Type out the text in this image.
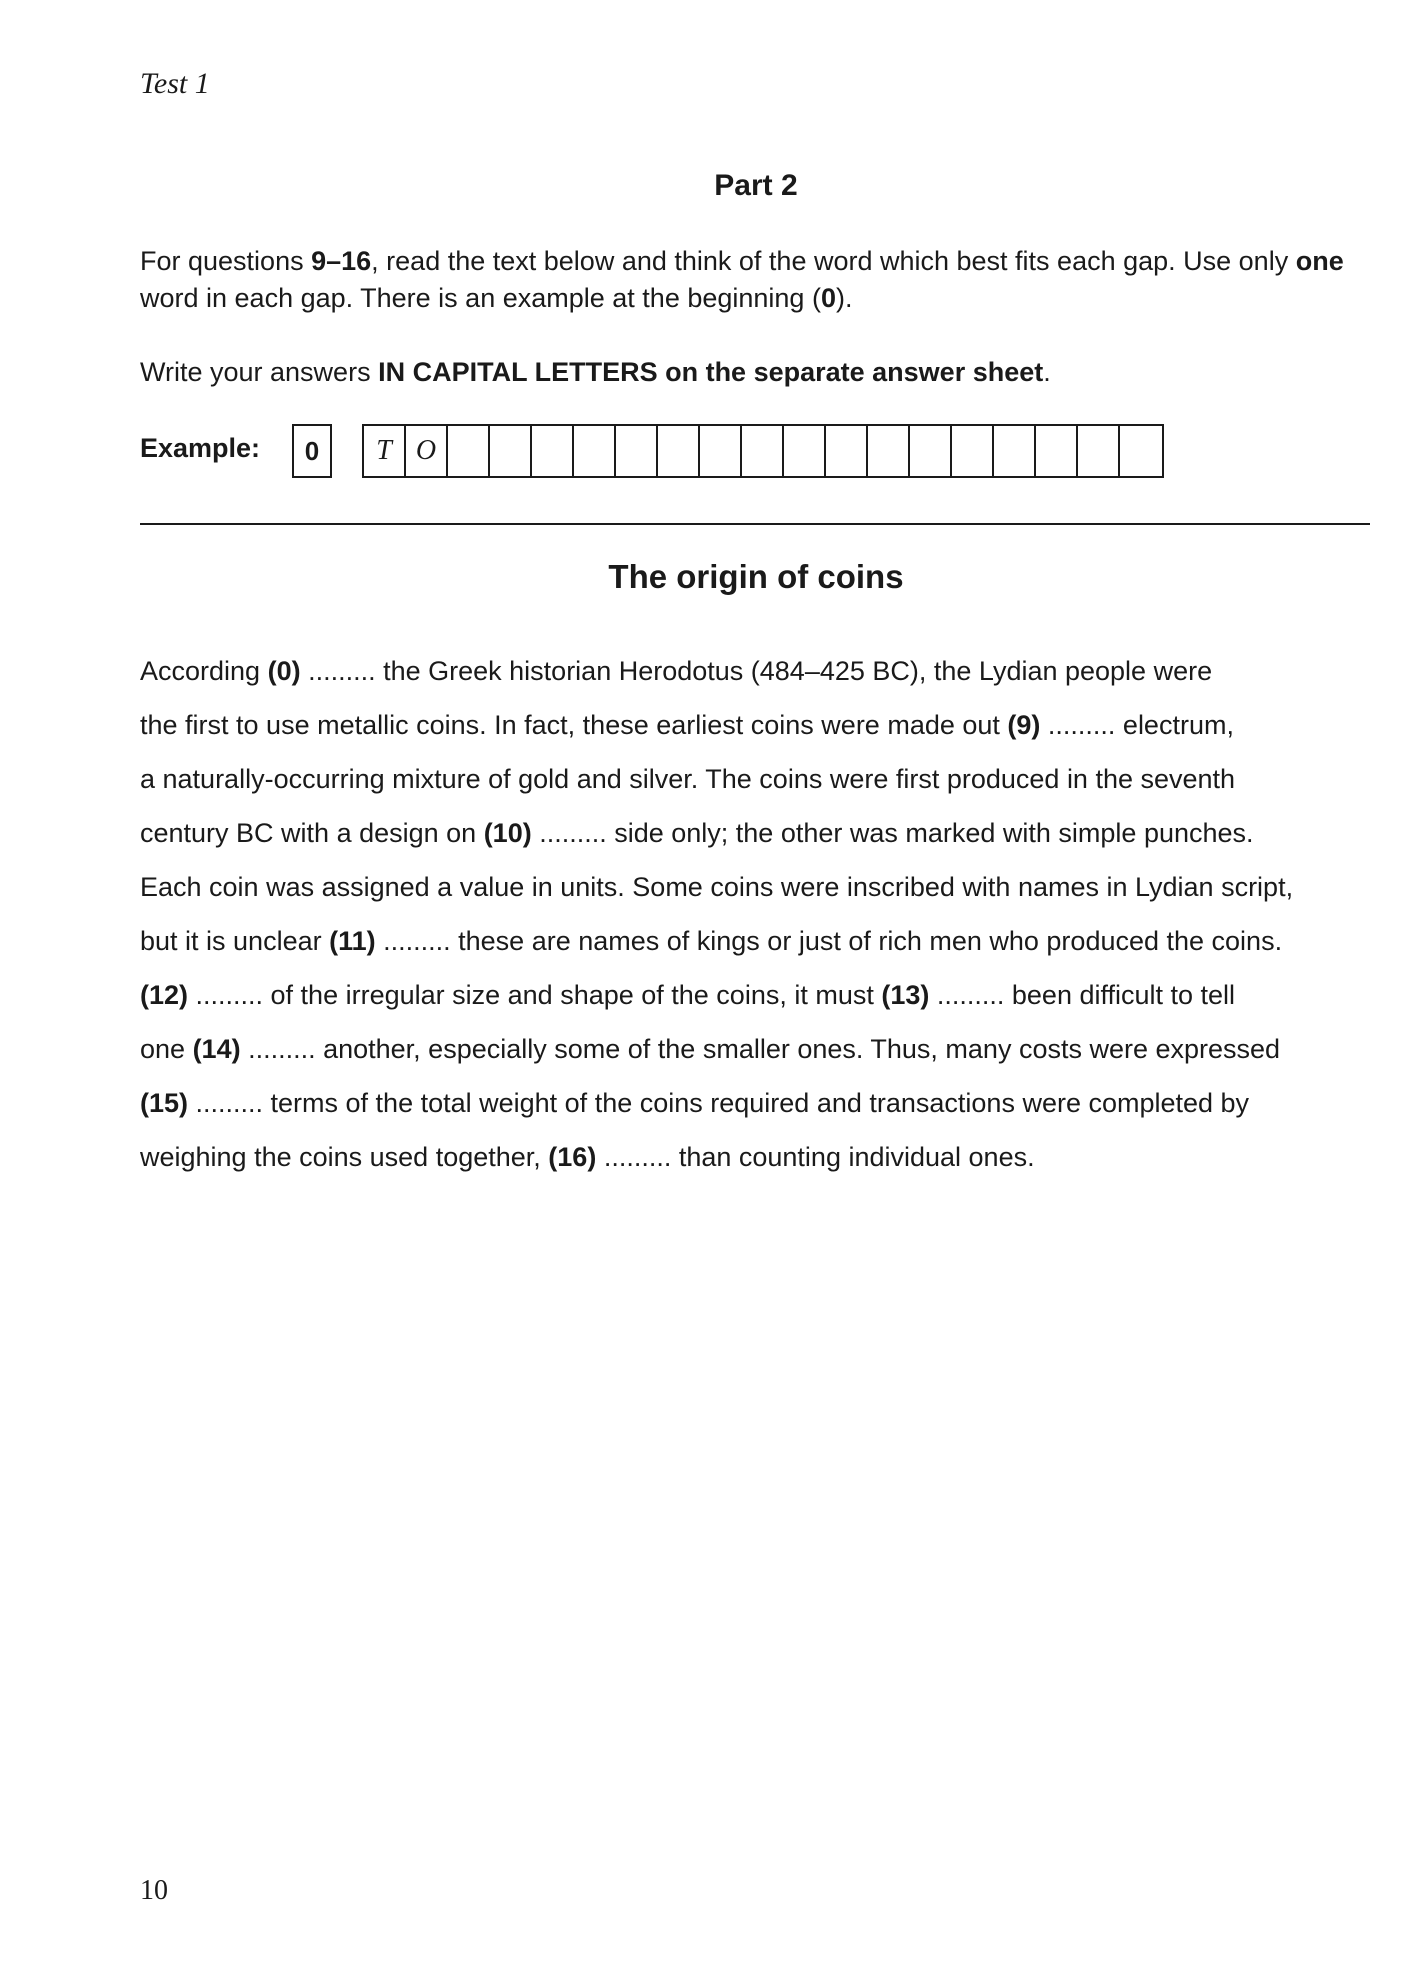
Test 1
Part 2

For questions 9–16, read the text below and think of the word which best fits each gap. Use only one word in each gap. There is an example at the beginning (0).

Write your answers IN CAPITAL LETTERS on the separate answer sheet.

Example:	0	T O
The origin of coins
According (0) ......... the Greek historian Herodotus (484–425 BC), the Lydian people were
the first to use metallic coins. In fact, these earliest coins were made out (9) ......... electrum,
a naturally-occurring mixture of gold and silver. The coins were first produced in the seventh
century BC with a design on (10) ......... side only; the other was marked with simple punches.
Each coin was assigned a value in units. Some coins were inscribed with names in Lydian script,
but it is unclear (11) ......... these are names of kings or just of rich men who produced the coins.
(12) ......... of the irregular size and shape of the coins, it must (13) ......... been difficult to tell
one (14) ......... another, especially some of the smaller ones. Thus, many costs were expressed
(15) ......... terms of the total weight of the coins required and transactions were completed by
weighing the coins used together, (16) ......... than counting individual ones.
10
